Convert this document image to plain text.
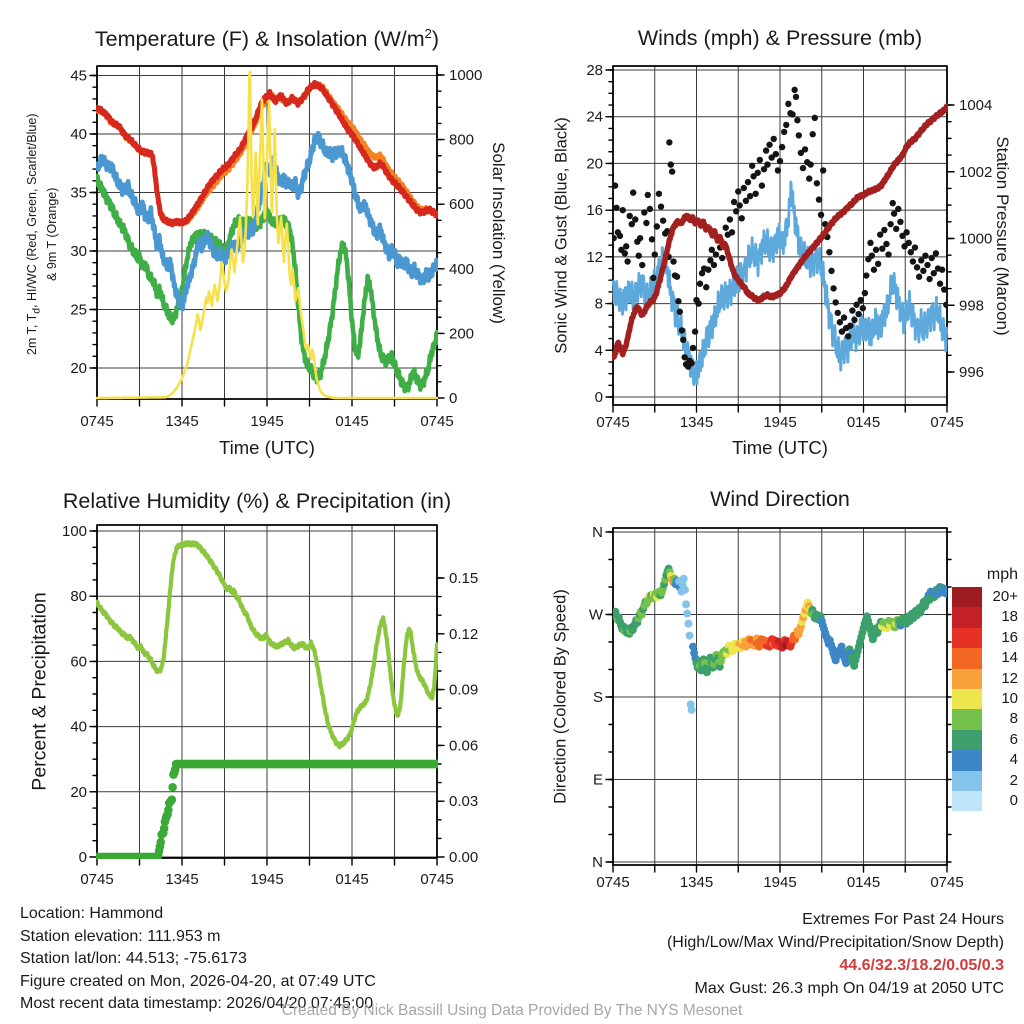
Temperature (F) & Insolation $(W/m^2)$	Winds (mph) & Pressure (mb)
Relative Humidity (%) & Precipitation (in)	Wind Direction
2m T, $T_d$, HI/WC (Red, Green, Scarlet/Blue) & 9m T (Orange)	Solar Insolation (Yellow)	Sonic Wind & Gust (Blue, Black)	Station Pressure (Maroon)
Percent & Precipitation	Direction (Colored By Speed)
Time (UTC)	Time (UTC)
mph
20+
18
16
14
12
10
8
6
4
2
0
Location: Hammond
Station elevation: 111.953 m
Station lat/lon: 44.513; -75.6173
Figure created on Mon, 2026-04-20, at 07:49 UTC
Most recent data timestamp: 2026/04/20 07:45:00
Extremes For Past 24 Hours
(High/Low/Max Wind/Precipitation/Snow Depth)
44.6/32.3/18.2/0.05/0.3
Max Gust: 26.3 mph On 04/19 at 2050 UTC
Created By Nick Bassill Using Data Provided By The NYS Mesonet
